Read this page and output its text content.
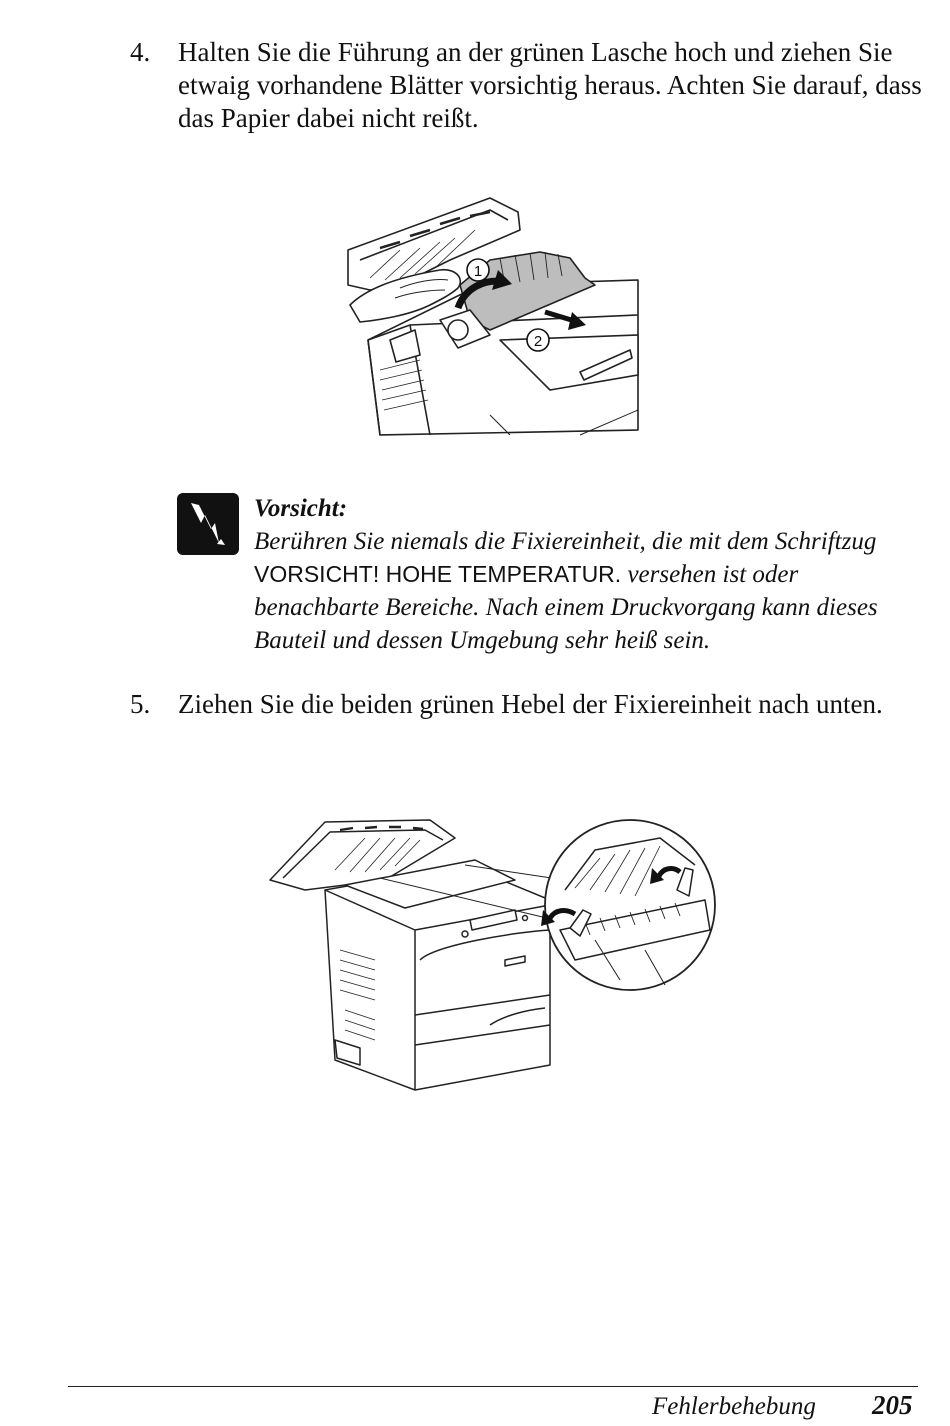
4. Halten Sie die Führung an der grünen Lasche hoch und ziehen Sie etwaig vorhandene Blätter vorsichtig heraus. Achten Sie darauf, dass das Papier dabei nicht reißt.
1
2
Vorsicht:
Berühren Sie niemals die Fixiereinheit, die mit dem Schriftzug VORSICHT! HOHE TEMPERATUR. versehen ist oder benachbarte Bereiche. Nach einem Druckvorgang kann dieses Bauteil und dessen Umgebung sehr heiß sein.
5. Ziehen Sie die beiden grünen Hebel der Fixiereinheit nach unten.
Fehlerbehebung 205
